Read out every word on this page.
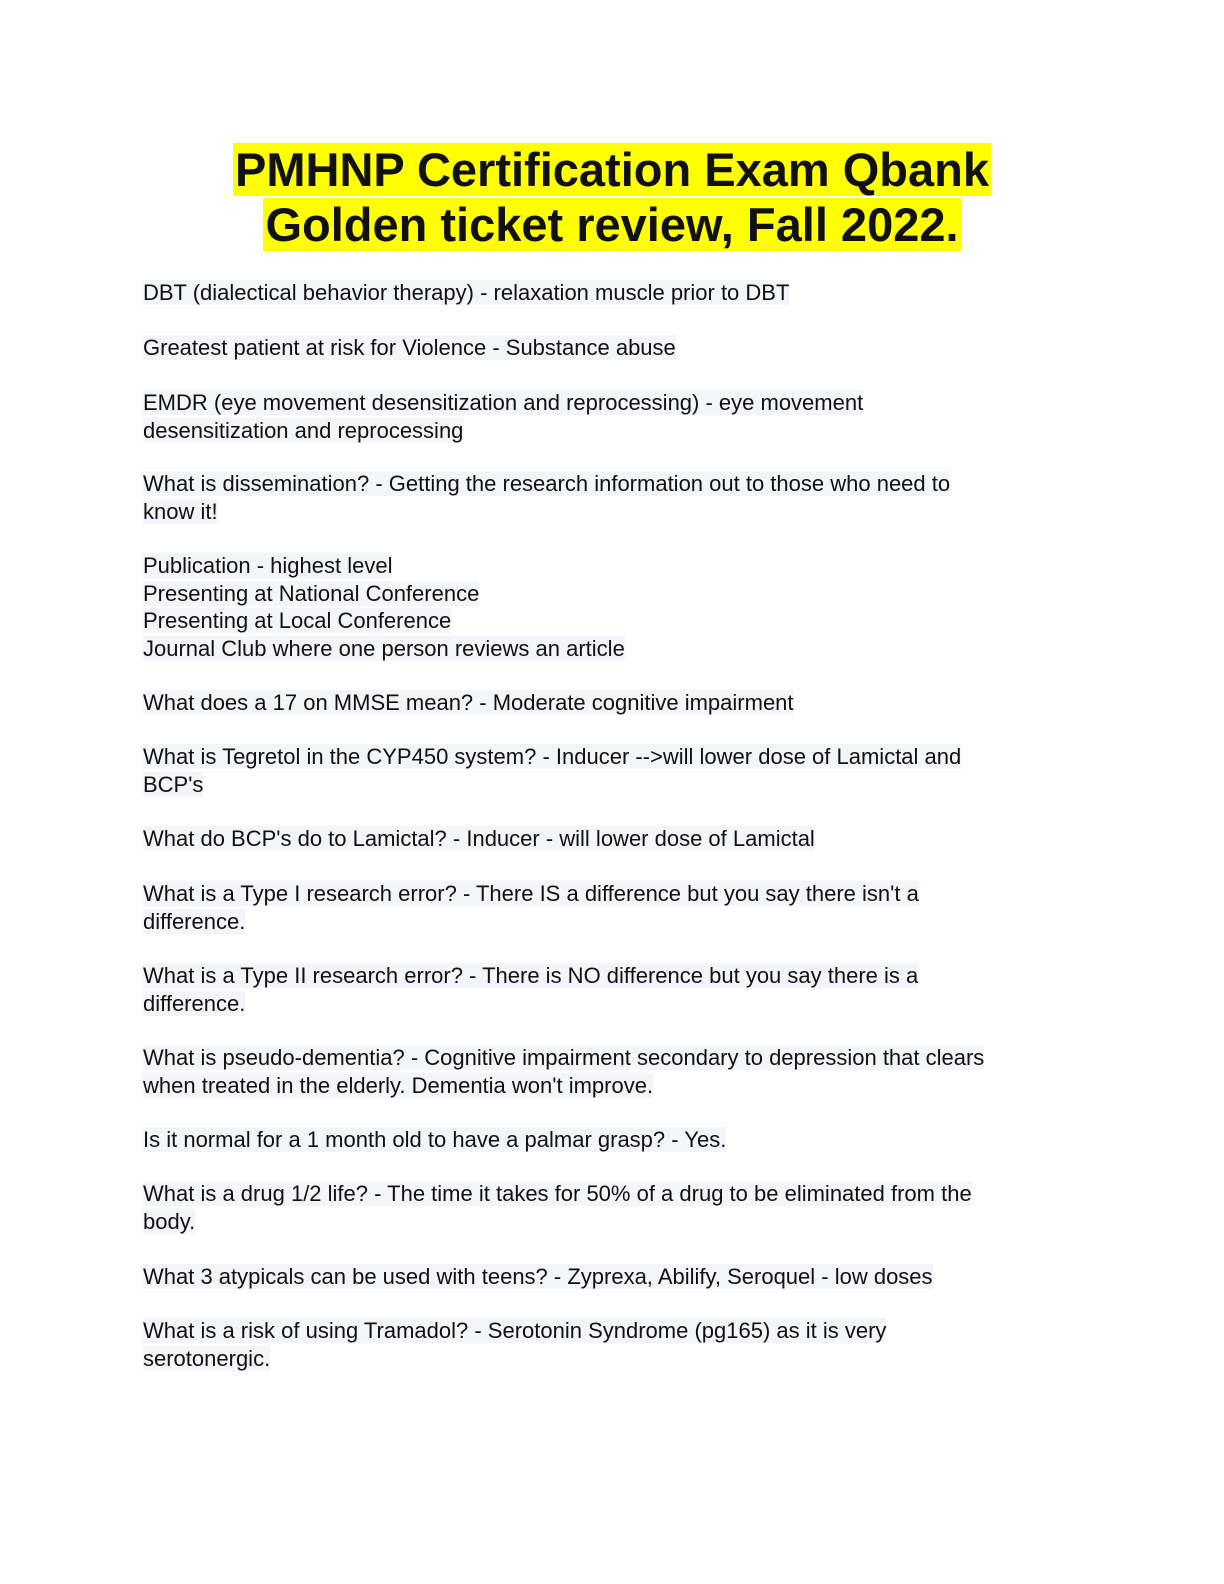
PMHNP Certification Exam Qbank
Golden ticket review, Fall 2022.
DBT (dialectical behavior therapy) - relaxation muscle prior to DBT
Greatest patient at risk for Violence - Substance abuse
EMDR (eye movement desensitization and reprocessing) - eye movement
desensitization and reprocessing
What is dissemination? - Getting the research information out to those who need to
know it!
Publication - highest level
Presenting at National Conference
Presenting at Local Conference
Journal Club where one person reviews an article
What does a 17 on MMSE mean? - Moderate cognitive impairment
What is Tegretol in the CYP450 system? - Inducer -->will lower dose of Lamictal and
BCP's
What do BCP's do to Lamictal? - Inducer - will lower dose of Lamictal
What is a Type I research error? - There IS a difference but you say there isn't a
difference.
What is a Type II research error? - There is NO difference but you say there is a
difference.
What is pseudo-dementia? - Cognitive impairment secondary to depression that clears
when treated in the elderly. Dementia won't improve.
Is it normal for a 1 month old to have a palmar grasp? - Yes.
What is a drug 1/2 life? - The time it takes for 50% of a drug to be eliminated from the
body.
What 3 atypicals can be used with teens? - Zyprexa, Abilify, Seroquel - low doses
What is a risk of using Tramadol? - Serotonin Syndrome (pg165) as it is very
serotonergic.
